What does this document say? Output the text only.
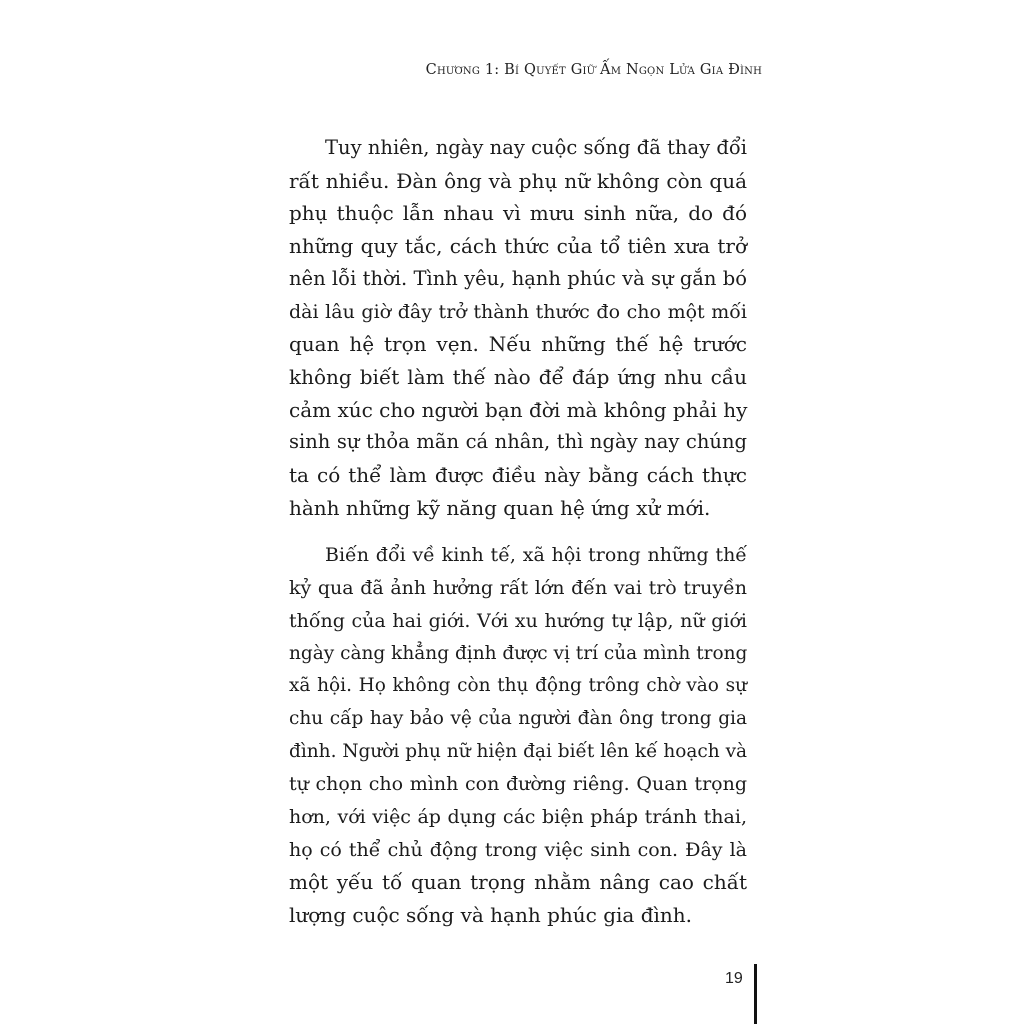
Chương 1: Bí Quyết Giữ Ấm Ngọn Lửa Gia Đình
Tuy nhiên, ngày nay cuộc sống đã thay đổi
rất nhiều. Đàn ông và phụ nữ không còn quá
phụ thuộc lẫn nhau vì mưu sinh nữa, do đó
những quy tắc, cách thức của tổ tiên xưa trở
nên lỗi thời. Tình yêu, hạnh phúc và sự gắn bó
dài lâu giờ đây trở thành thước đo cho một mối
quan hệ trọn vẹn. Nếu những thế hệ trước
không biết làm thế nào để đáp ứng nhu cầu
cảm xúc cho người bạn đời mà không phải hy
sinh sự thỏa mãn cá nhân, thì ngày nay chúng
ta có thể làm được điều này bằng cách thực
hành những kỹ năng quan hệ ứng xử mới.
Biến đổi về kinh tế, xã hội trong những thế
kỷ qua đã ảnh hưởng rất lớn đến vai trò truyền
thống của hai giới. Với xu hướng tự lập, nữ giới
ngày càng khẳng định được vị trí của mình trong
xã hội. Họ không còn thụ động trông chờ vào sự
chu cấp hay bảo vệ của người đàn ông trong gia
đình. Người phụ nữ hiện đại biết lên kế hoạch và
tự chọn cho mình con đường riêng. Quan trọng
hơn, với việc áp dụng các biện pháp tránh thai,
họ có thể chủ động trong việc sinh con. Đây là
một yếu tố quan trọng nhằm nâng cao chất
lượng cuộc sống và hạnh phúc gia đình.
19
